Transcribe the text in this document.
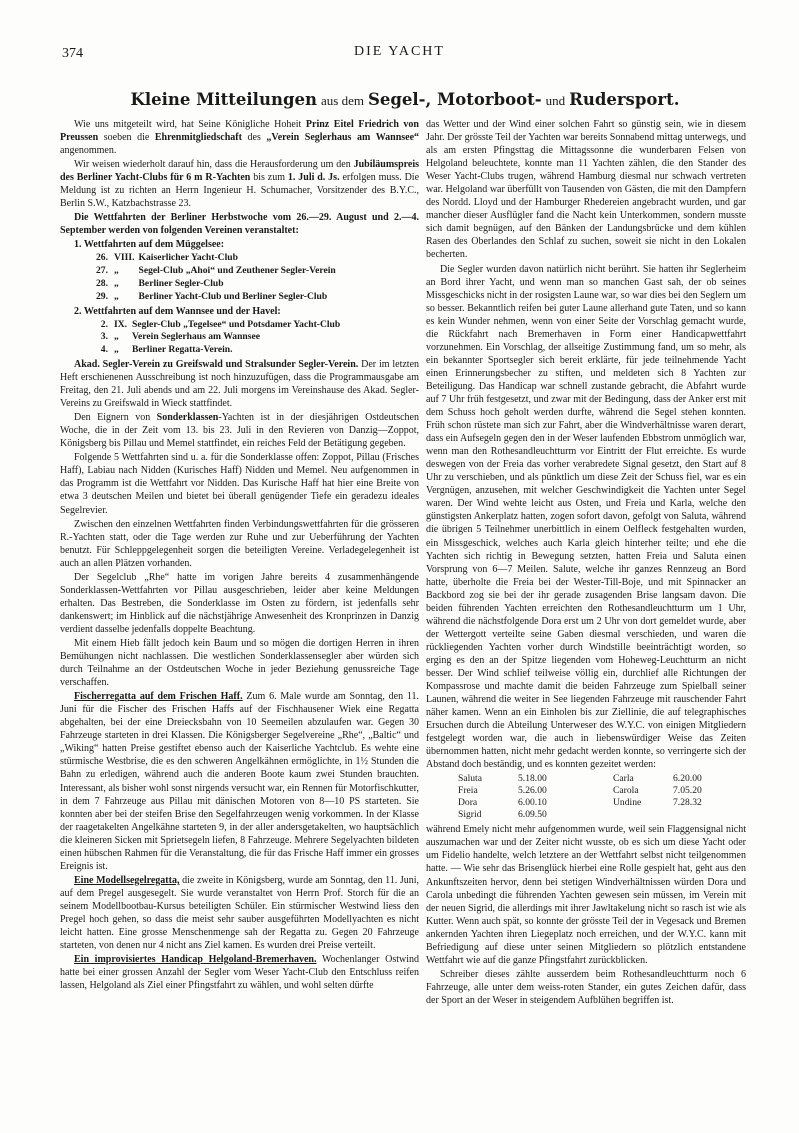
374	DIE YACHT
Kleine Mitteilungen aus dem Segel-, Motorboot- und Rudersport.

Wie uns mitgeteilt wird, hat Seine Königliche Hoheit Prinz Eitel Friedrich von Preussen soeben die Ehrenmitgliedschaft des „Verein Seglerhaus am Wannsee“ angenommen.

Wir weisen wiederholt darauf hin, dass die Herausforderung um den Jubiläumspreis des Berliner Yacht-Clubs für 6 m R-Yachten bis zum 1. Juli d. Js. erfolgen muss. Die Meldung ist zu richten an Herrn Ingenieur H. Schumacher, Vorsitzender des B.Y.C., Berlin S.W., Katzbachstrasse 23.

Die Wettfahrten der Berliner Herbstwoche vom 26.—29. August und 2.—4. September werden von folgenden Vereinen veranstaltet:

1. Wettfahrten auf dem Müggelsee:

26.	VIII.	Kaiserlicher Yacht-Club
27.	„	Segel-Club „Ahoi“ und Zeuthener Segler-Verein
28.	„	Berliner Segler-Club
29.	„	Berliner Yacht-Club und Berliner Segler-Club

2. Wettfahrten auf dem Wannsee und der Havel:

2.	IX.	Segler-Club „Tegelsee“ und Potsdamer Yacht-Club
3.	„	Verein Seglerhaus am Wannsee
4.	„	Berliner Regatta-Verein.

Akad. Segler-Verein zu Greifswald und Stralsunder Segler-Verein. Der im letzten Heft erschienenen Ausschreibung ist noch hinzuzufügen, dass die Programmausgabe am Freitag, den 21. Juli abends und am 22. Juli morgens im Vereinshause des Akad. Segler-Vereins zu Greifswald in Wieck stattfindet.

Den Eignern von Sonderklassen-Yachten ist in der diesjährigen Ostdeutschen Woche, die in der Zeit vom 13. bis 23. Juli in den Revieren von Danzig—Zoppot, Königsberg bis Pillau und Memel stattfindet, ein reiches Feld der Betätigung gegeben.

Folgende 5 Wettfahrten sind u. a. für die Sonderklasse offen: Zoppot, Pillau (Frisches Haff), Labiau nach Nidden (Kurisches Haff) Nidden und Memel. Neu aufgenommen in das Programm ist die Wettfahrt vor Nidden. Das Kurische Haff hat hier eine Breite von etwa 3 deutschen Meilen und bietet bei überall genügender Tiefe ein geradezu ideales Segelrevier.

Zwischen den einzelnen Wettfahrten finden Verbindungswettfahrten für die grösseren R.-Yachten statt, oder die Tage werden zur Ruhe und zur Ueberführung der Yachten benutzt. Für Schleppgelegenheit sorgen die beteiligten Vereine. Verladegelegenheit ist auch an allen Plätzen vorhanden.

Der Segelclub „Rhe“ hatte im vorigen Jahre bereits 4 zusammenhängende Sonderklassen-Wettfahrten vor Pillau ausgeschrieben, leider aber keine Meldungen erhalten. Das Bestreben, die Sonderklasse im Osten zu fördern, ist jedenfalls sehr dankenswert; im Hinblick auf die nächstjährige Anwesenheit des Kronprinzen in Danzig verdient dasselbe jedenfalls doppelte Beachtung.

Mit einem Hieb fällt jedoch kein Baum und so mögen die dortigen Herren in ihren Bemühungen nicht nachlassen. Die westlichen Sonderklassensegler aber würden sich durch Teilnahme an der Ostdeutschen Woche in jeder Beziehung genussreiche Tage verschaffen.

Fischerregatta auf dem Frischen Haff. Zum 6. Male wurde am Sonntag, den 11. Juni für die Fischer des Frischen Haffs auf der Fischhausener Wiek eine Regatta abgehalten, bei der eine Dreiecksbahn von 10 Seemeilen abzulaufen war. Gegen 30 Fahrzeuge starteten in drei Klassen. Die Königsberger Segelvereine „Rhe“, „Baltic“ und „Wiking“ hatten Preise gestiftet ebenso auch der Kaiserliche Yachtclub. Es wehte eine stürmische Westbrise, die es den schweren Angelkähnen ermöglichte, in 1½ Stunden die Bahn zu erledigen, während auch die anderen Boote kaum zwei Stunden brauchten. Interessant, als bisher wohl sonst nirgends versucht war, ein Rennen für Motorfischkutter, in dem 7 Fahrzeuge aus Pillau mit dänischen Motoren von 8—10 PS starteten. Sie konnten aber bei der steifen Brise den Segelfahrzeugen wenig vorkommen. In der Klasse der raagetakelten Angelkähne starteten 9, in der aller andersgetakelten, wo hauptsächlich die kleineren Sicken mit Sprietsegeln liefen, 8 Fahrzeuge. Mehrere Segelyachten bildeten einen hübschen Rahmen für die Veranstaltung, die für das Frische Haff immer ein grosses Ereignis ist.

Eine Modellsegelregatta, die zweite in Königsberg, wurde am Sonntag, den 11. Juni, auf dem Pregel ausgesegelt. Sie wurde veranstaltet von Herrn Prof. Storch für die an seinem Modellbootbau-Kursus beteiligten Schüler. Ein stürmischer Westwind liess den Pregel hoch gehen, so dass die meist sehr sauber ausgeführten Modellyachten es nicht leicht hatten. Eine grosse Menschenmenge sah der Regatta zu. Gegen 20 Fahrzeuge starteten, von denen nur 4 nicht ans Ziel kamen. Es wurden drei Preise verteilt.

Ein improvisiertes Handicap Helgoland-Bremerhaven. Wochenlanger Ostwind hatte bei einer grossen Anzahl der Segler vom Weser Yacht-Club den Entschluss reifen lassen, Helgoland als Ziel einer Pfingstfahrt zu wählen, und wohl selten dürfte

das Wetter und der Wind einer solchen Fahrt so günstig sein, wie in diesem Jahr. Der grösste Teil der Yachten war bereits Sonnabend mittag unterwegs, und als am ersten Pfingsttag die Mittagssonne die wunderbaren Felsen von Helgoland beleuchtete, konnte man 11 Yachten zählen, die den Stander des Weser Yacht-Clubs trugen, während Hamburg diesmal nur schwach vertreten war. Helgoland war überfüllt von Tausenden von Gästen, die mit den Dampfern des Nordd. Lloyd und der Hamburger Rhedereien angebracht wurden, und gar mancher dieser Ausflügler fand die Nacht kein Unterkommen, sondern musste sich damit begnügen, auf den Bänken der Landungsbrücke und dem kühlen Rasen des Oberlandes den Schlaf zu suchen, soweit sie nicht in den Lokalen becherten.

Die Segler wurden davon natürlich nicht berührt. Sie hatten ihr Seglerheim an Bord ihrer Yacht, und wenn man so manchen Gast sah, der ob seines Missgeschicks nicht in der rosigsten Laune war, so war dies bei den Seglern um so besser. Bekanntlich reifen bei guter Laune allerhand gute Taten, und so kann es kein Wunder nehmen, wenn von einer Seite der Vorschlag gemacht wurde, die Rückfahrt nach Bremerhaven in Form einer Handicapwettfahrt vorzunehmen. Ein Vorschlag, der allseitige Zustimmung fand, um so mehr, als ein bekannter Sportsegler sich bereit erklärte, für jede teilnehmende Yacht einen Erinnerungsbecher zu stiften, und meldeten sich 8 Yachten zur Beteiligung. Das Handicap war schnell zustande gebracht, die Abfahrt wurde auf 7 Uhr früh festgesetzt, und zwar mit der Bedingung, dass der Anker erst mit dem Schuss hoch geholt werden durfte, während die Segel stehen konnten. Früh schon rüstete man sich zur Fahrt, aber die Windverhältnisse waren derart, dass ein Aufsegeln gegen den in der Weser laufenden Ebbstrom unmöglich war, wenn man den Rothesandleuchtturm vor Eintritt der Flut erreichte. Es wurde deswegen von der Freia das vorher verabredete Signal gesetzt, den Start auf 8 Uhr zu verschieben, und als pünktlich um diese Zeit der Schuss fiel, war es ein Vergnügen, anzusehen, mit welcher Geschwindigkeit die Yachten unter Segel waren. Der Wind wehte leicht aus Osten, und Freia und Karla, welche den günstigsten Ankerplatz hatten, zogen sofort davon, gefolgt von Saluta, während die übrigen 5 Teilnehmer unerbittlich in einem Oelfleck festgehalten wurden, ein Missgeschick, welches auch Karla gleich hinterher teilte; und ehe die Yachten sich richtig in Bewegung setzten, hatten Freia und Saluta einen Vorsprung von 6—7 Meilen. Salute, welche ihr ganzes Rennzeug an Bord hatte, überholte die Freia bei der Wester-Till-Boje, und mit Spinnacker an Backbord zog sie bei der ihr gerade zusagenden Brise langsam davon. Die beiden führenden Yachten erreichten den Rothesandleuchtturm um 1 Uhr, während die nächstfolgende Dora erst um 2 Uhr von dort gemeldet wurde, aber der Wettergott verteilte seine Gaben diesmal verschieden, und waren die rückliegenden Yachten vorher durch Windstille beeinträchtigt worden, so erging es den an der Spitze liegenden vom Hoheweg-Leuchtturm an nicht besser. Der Wind schlief teilweise völlig ein, durchlief alle Richtungen der Kompassrose und machte damit die beiden Fahrzeuge zum Spielball seiner Launen, während die weiter in See liegenden Fahrzeuge mit rauschender Fahrt näher kamen. Wenn an ein Einholen bis zur Ziellinie, die auf telegraphisches Ersuchen durch die Abteilung Unterweser des W.Y.C. von einigen Mitgliedern festgelegt worden war, die auch in liebenswürdiger Weise das Zeiten übernommen hatten, nicht mehr gedacht werden konnte, so verringerte sich der Abstand doch beständig, und es konnten gezeitet werden:

Saluta	5.18.00	Carla	6.20.00
Freia	5.26.00	Carola	7.05.20
Dora	6.00.10	Undine	7.28.32
Sigrid	6.09.50		

während Emely nicht mehr aufgenommen wurde, weil sein Flaggensignal nicht auszumachen war und der Zeiter nicht wusste, ob es sich um diese Yacht oder um Fidelio handelte, welch letztere an der Wettfahrt selbst nicht teilgenommen hatte. — Wie sehr das Brisenglück hierbei eine Rolle gespielt hat, geht aus den Ankunftszeiten hervor, denn bei stetigen Windverhältnissen würden Dora und Carola unbedingt die führenden Yachten gewesen sein müssen, im Verein mit der neuen Sigrid, die allerdings mit ihrer Jawltakelung nicht so rasch ist wie als Kutter. Wenn auch spät, so konnte der grösste Teil der in Vegesack und Bremen ankernden Yachten ihren Liegeplatz noch erreichen, und der W.Y.C. kann mit Befriedigung auf diese unter seinen Mitgliedern so plötzlich entstandene Wettfahrt wie auf die ganze Pfingstfahrt zurückblicken.

Schreiber dieses zählte ausserdem beim Rothesandleuchtturm noch 6 Fahrzeuge, alle unter dem weiss-roten Stander, ein gutes Zeichen dafür, dass der Sport an der Weser in steigendem Aufblühen begriffen ist.
